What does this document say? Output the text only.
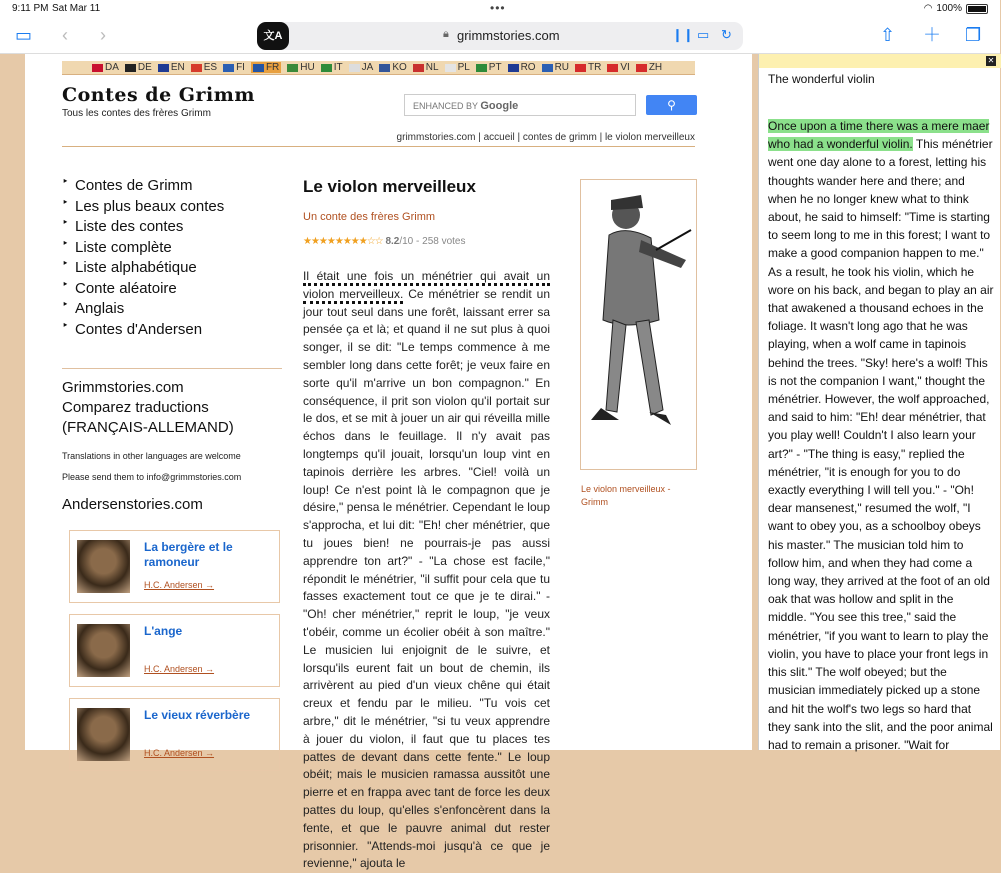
9:11 PM Sat Mar 11	•••	◠ 100%
▭ ‹ ›	文A	🔒︎ grimmstories.com	❙❙ ▭ ↻	⇧ ＋ ❐
DA DE EN ES FI FR HU IT JA KO NL PL PT RO RU TR VI ZH
Contes de Grimm
Tous les contes des frères Grimm
ENHANCED BY Google	⚲
grimmstories.com | accueil | contes de grimm | le violon merveilleux
‣ Contes de Grimm
‣ Les plus beaux contes
‣ Liste des contes
‣ Liste complète
‣ Liste alphabétique
‣ Conte aléatoire
‣ Anglais
‣ Contes d'Andersen
Grimmstories.com
Comparez traductions
(FRANÇAIS-ALLEMAND)
Translations in other languages are welcome
Please send them to info@grimmstories.com
Andersenstories.com
La bergère et le ramoneur
H.C. Andersen →
L'ange
H.C. Andersen →
Le vieux réverbère
H.C. Andersen →
Le violon merveilleux
Un conte des frères Grimm
★★★★★★★★☆☆ 8.2/10 - 258 votes
Il était une fois un ménétrier qui avait un violon merveilleux. Ce ménétrier se rendit un jour tout seul dans une forêt, laissant errer sa pensée ça et là; et quand il ne sut plus à quoi songer, il se dit: "Le temps commence à me sembler long dans cette forêt; je veux faire en sorte qu'il m'arrive un bon compagnon." En conséquence, il prit son violon qu'il portait sur le dos, et se mit à jouer un air qui réveilla mille échos dans le feuillage. Il n'y avait pas longtemps qu'il jouait, lorsqu'un loup vint en tapinois derrière les arbres. "Ciel! voilà un loup! Ce n'est point là le compagnon que je désire," pensa le ménétrier. Cependant le loup s'approcha, et lui dit: "Eh! cher ménétrier, que tu joues bien! ne pourrais-je pas aussi apprendre ton art?" - "La chose est facile," répondit le ménétrier, "il suffit pour cela que tu fasses exactement tout ce que je te dirai." - "Oh! cher ménétrier," reprit le loup, "je veux t'obéir, comme un écolier obéit à son maître." Le musicien lui enjoignit de le suivre, et lorsqu'ils eurent fait un bout de chemin, ils arrivèrent au pied d'un vieux chêne qui était creux et fendu par le milieu. "Tu vois cet arbre," dit le ménétrier, "si tu veux apprendre à jouer du violon, il faut que tu places tes pattes de devant dans cette fente." Le loup obéit; mais le musicien ramassa aussitôt une pierre et en frappa avec tant de force les deux pattes du loup, qu'elles s'enfoncèrent dans la fente, et que le pauvre animal dut rester prisonnier. "Attends-moi jusqu'à ce que je revienne," ajouta le
Le violon merveilleux - Grimm
✕
The wonderful violin
Once upon a time there was a mere maer who had a wonderful violin. This ménétrier went one day alone to a forest, letting his thoughts wander here and there; and when he no longer knew what to think about, he said to himself: "Time is starting to seem long to me in this forest; I want to make a good companion happen to me." As a result, he took his violin, which he wore on his back, and began to play an air that awakened a thousand echoes in the foliage. It wasn't long ago that he was playing, when a wolf came in tapinois behind the trees. "Sky! here's a wolf! This is not the companion I want," thought the ménétrier. However, the wolf approached, and said to him: "Eh! dear ménétrier, that you play well! Couldn't I also learn your art?" - "The thing is easy," replied the ménétrier, "it is enough for you to do exactly everything I will tell you." - "Oh! dear mansenest," resumed the wolf, "I want to obey you, as a schoolboy obeys his master." The musician told him to follow him, and when they had come a long way, they arrived at the foot of an old oak that was hollow and split in the middle. "You see this tree," said the ménétrier, "if you want to learn to play the violin, you have to place your front legs in this slit." The wolf obeyed; but the musician immediately picked up a stone and hit the wolf's two legs so hard that they sank into the slit, and the poor animal had to remain a prisoner. "Wait for
